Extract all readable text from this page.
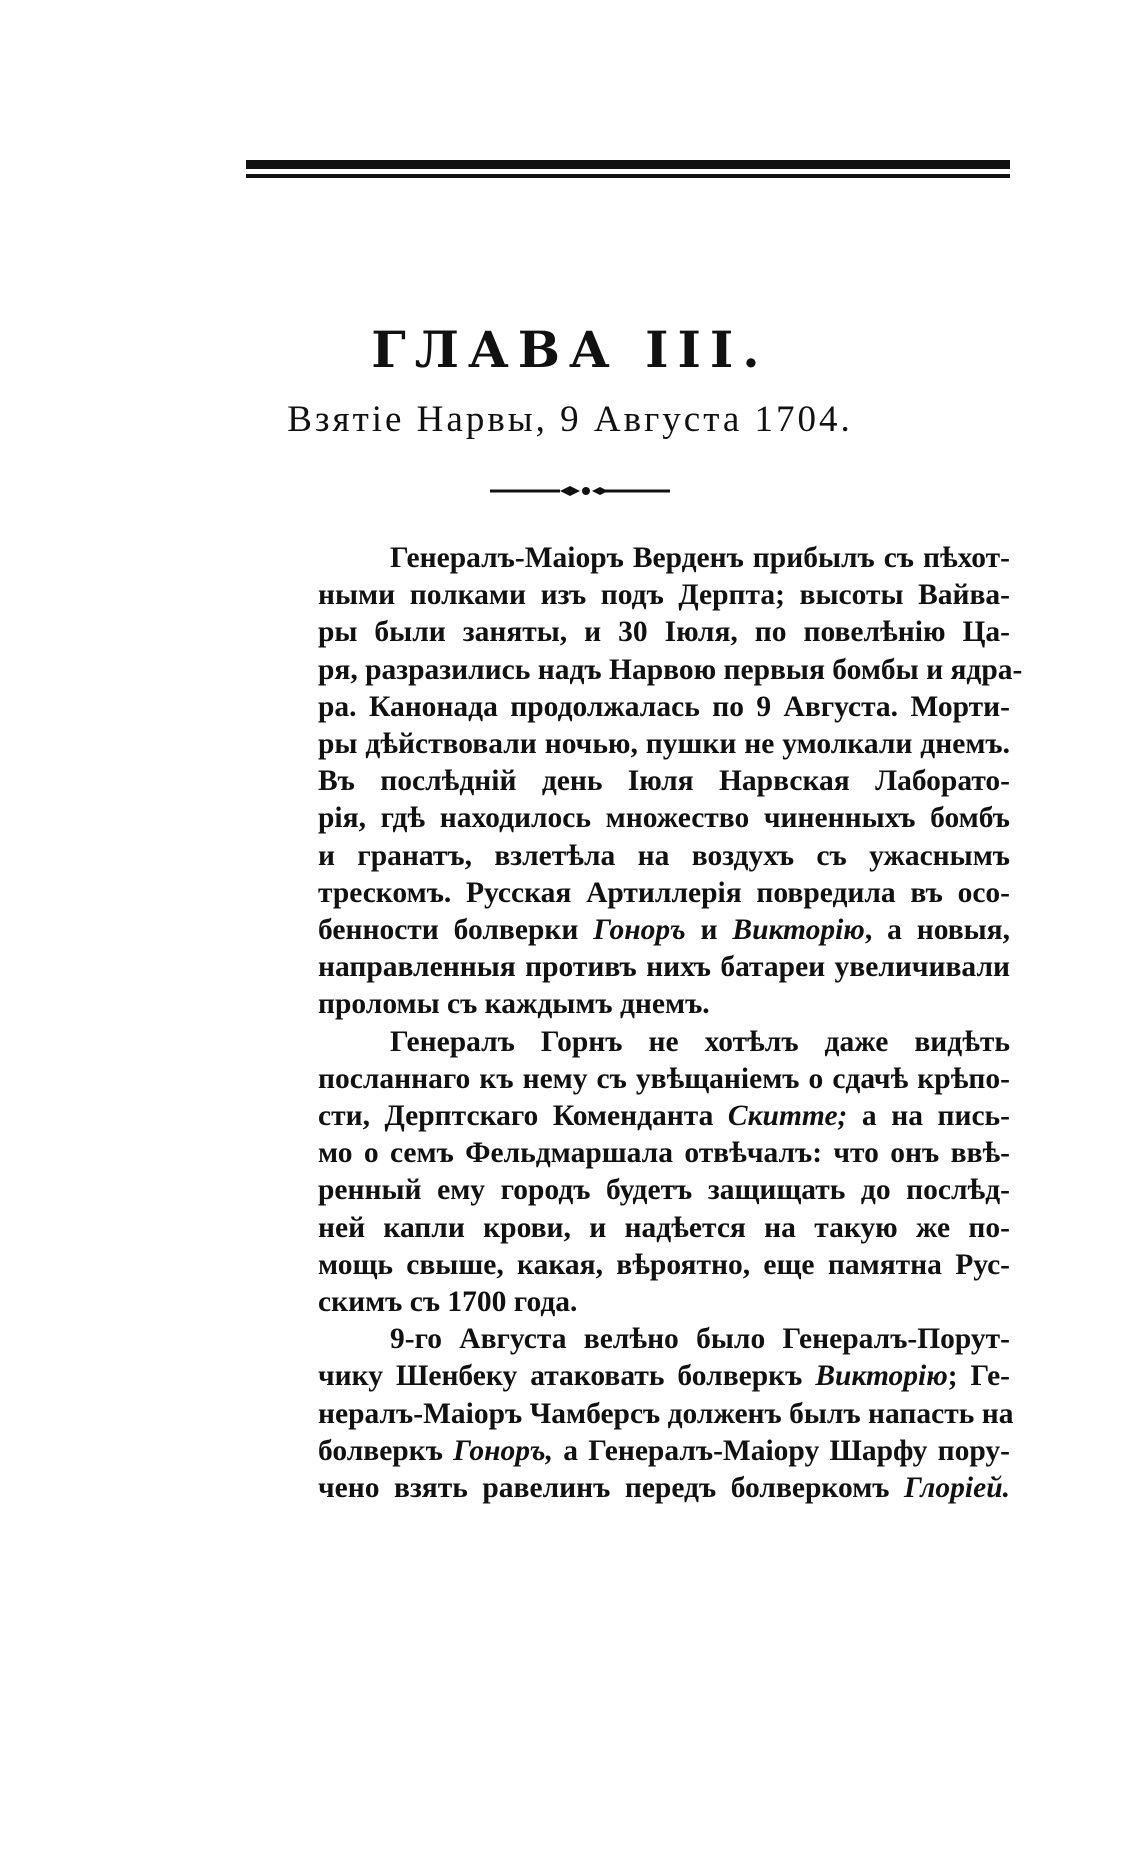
ГЛАВА III.
Взятiе Нарвы, 9 Августа 1704.

Генералъ-Маiоръ Верденъ прибылъ съ пѣхот-
ными полками изъ подъ Дерпта; высоты Вайва-
ры были заняты, и 30 Iюля, по повелѣнiю Ца-
ря, разразились надъ Нарвою первыя бомбы и ядра-
ра. Канонада продолжалась по 9 Августа. Морти-
ры дѣйствовали ночью, пушки не умолкали днемъ.
Въ послѣднiй день Iюля Нарвская Лаборато-
рiя, гдѣ находилось множество чиненныхъ бомбъ
и гранатъ, взлетѣла на воздухъ съ ужаснымъ
трескомъ. Русская Артиллерiя повредила въ осо-
бенности болверки Гоноръ и Викторiю, а новыя,
направленныя противъ нихъ батареи увеличивали
проломы съ каждымъ днемъ.

Генералъ Горнъ не хотѣлъ даже видѣть
посланнаго къ нему съ увѣщанiемъ о сдачѣ крѣпо-
сти, Дерптскаго Коменданта Скитте; а на пись-
мо о семъ Фельдмаршала отвѣчалъ: что онъ ввѣ-
ренный ему городъ будетъ защищать до послѣд-
ней капли крови, и надѣется на такую же по-
мощь свыше, какая, вѣроятно, еще памятна Рус-
скимъ съ 1700 года.

9-го Августа велѣно было Генералъ-Порут-
чику Шенбеку атаковать болверкъ Викторiю; Ге-
нералъ-Маiоръ Чамберсъ долженъ былъ напасть на
болверкъ Гоноръ, а Генералъ-Маiору Шарфу пору-
чено взять равелинъ передъ болверкомъ Глорiей.
